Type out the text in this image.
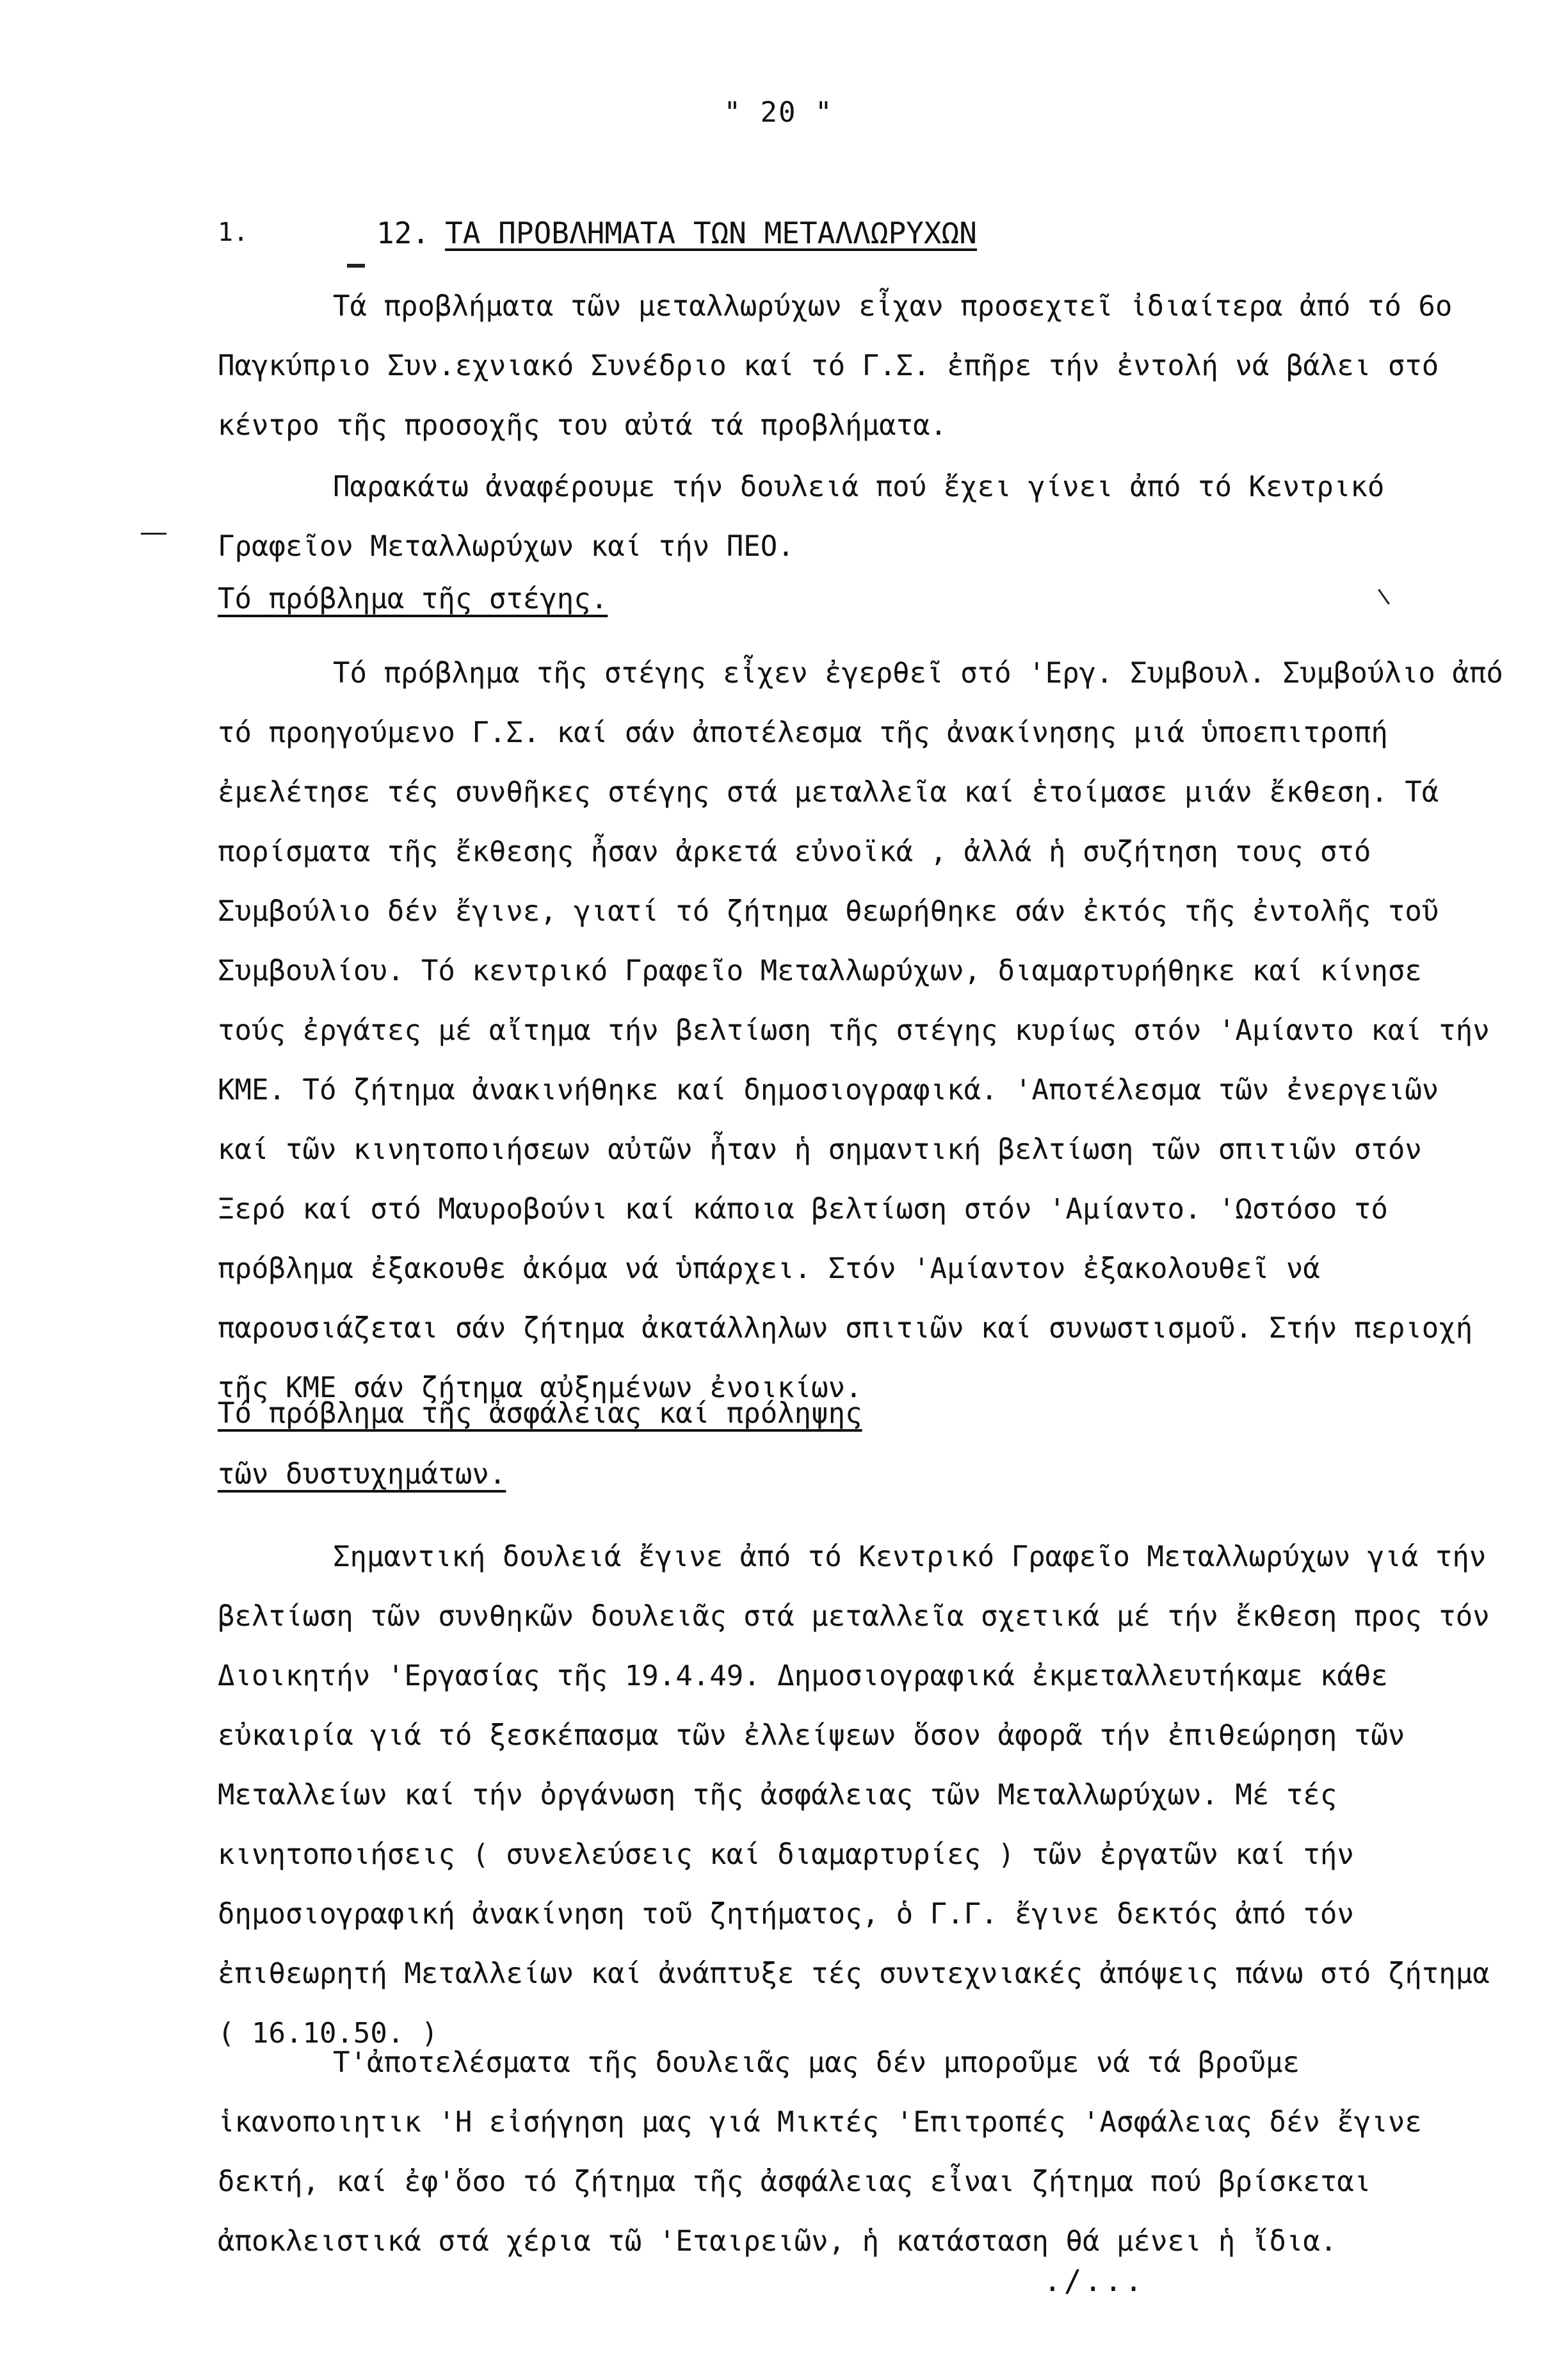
" 20 "
1.	12. ΤΑ ΠΡΟΒΛΗΜΑΤΑ ΤΩΝ ΜΕΤΑΛΛΩΡΥΧΩΝ

Τά προβλήματα τῶν μεταλλωρύχων εἶχαν προσεχτεῖ ἰδιαίτερα ἀπό τό 6ο Παγκύπριο Συν.εχνιακό Συνέδριο καί τό Γ.Σ. ἐπῆρε τήν ἐντολή νά βάλει στό κέντρο τῆς προσοχῆς του αὐτά τά προβλήματα.

Παρακάτω ἀναφέρουμε τήν δουλειά πού ἔχει γίνει ἀπό τό Κεντρικό Γραφεῖον Μεταλλωρύχων καί τήν ΠΕΟ.

Τό πρόβλημα τῆς στέγης.

Τό πρόβλημα τῆς στέγης εἶχεν ἐγερθεῖ στό 'Εργ. Συμβουλ. Συμβούλιο ἀπό τό προηγούμενο Γ.Σ. καί σάν ἀποτέλεσμα τῆς ἀνακίνησης μιά ὑποεπιτροπή ἐμελέτησε τές συνθῆκες στέγης στά μεταλλεῖα καί ἑτοίμασε μιάν ἔκθεση. Τά πορίσματα τῆς ἔκθεσης ἦσαν ἀρκετά εὐνοϊκά , ἀλλά ἡ συζήτηση τους στό Συμβούλιο δέν ἔγινε, γιατί τό ζήτημα θεωρήθηκε σάν ἐκτός τῆς ἐντολῆς τοῦ Συμβουλίου. Τό κεντρικό Γραφεῖο Μεταλλωρύχων, διαμαρτυρήθηκε καί κίνησε τούς ἐργάτες μέ αἴτημα τήν βελτίωση τῆς στέγης κυρίως στόν 'Αμίαντο καί τήν ΚΜΕ. Τό ζήτημα ἀνακινήθηκε καί δημοσιογραφικά. 'Αποτέλεσμα τῶν ἐνεργειῶν καί τῶν κινητοποιήσεων αὐτῶν ἦταν ἡ σημαντική βελτίωση τῶν σπιτιῶν στόν Ξερό καί στό Μαυροβούνι καί κάποια βελτίωση στόν 'Αμίαντο. 'Ωστόσο τό πρόβλημα ἐξακουθε ἀκόμα νά ὑπάρχει. Στόν 'Αμίαντον ἐξακολουθεῖ νά παρουσιάζεται σάν ζήτημα ἀκατάλληλων σπιτιῶν καί συνωστισμοῦ. Στήν περιοχή τῆς ΚΜΕ σάν ζήτημα αὐξημένων ἐνοικίων.

Τό πρόβλημα τῆς ἀσφάλειας καί πρόληψης
τῶν δυστυχημάτων.

Σημαντική δουλειά ἔγινε ἀπό τό Κεντρικό Γραφεῖο Μεταλλωρύχων γιά τήν βελτίωση τῶν συνθηκῶν δουλειᾶς στά μεταλλεῖα σχετικά μέ τήν ἔκθεση προς τόν Διοικητήν 'Εργασίας τῆς 19.4.49. Δημοσιογραφικά ἐκμεταλλευτήκαμε κάθε εὐκαιρία γιά τό ξεσκέπασμα τῶν ἐλλείψεων ὅσον ἀφορᾶ τήν ἐπιθεώρηση τῶν Μεταλλείων καί τήν ὀργάνωση τῆς ἀσφάλειας τῶν Μεταλλωρύχων. Μέ τές κινητοποιήσεις ( συνελεύσεις καί διαμαρτυρίες ) τῶν ἐργατῶν καί τήν δημοσιογραφική ἀνακίνηση τοῦ ζητήματος, ὁ Γ.Γ. ἔγινε δεκτός ἀπό τόν ἐπιθεωρητή Μεταλλείων καί ἀνάπτυξε τές συντεχνιακές ἀπόψεις πάνω στό ζήτημα ( 16.10.50. )

Τ'ἀποτελέσματα τῆς δουλειᾶς μας δέν μποροῦμε νά τά βροῦμε ἱκανοποιητικ 'Η εἰσήγηση μας γιά Μικτές 'Επιτροπές 'Ασφάλειας δέν ἔγινε δεκτή, καί ἐφ'ὅσο τό ζήτημα τῆς ἀσφάλειας εἶναι ζήτημα πού βρίσκεται ἀποκλειστικά στά χέρια τῶ 'Εταιρειῶν, ἡ κατάσταση θά μένει ἡ ἴδια.

./...
